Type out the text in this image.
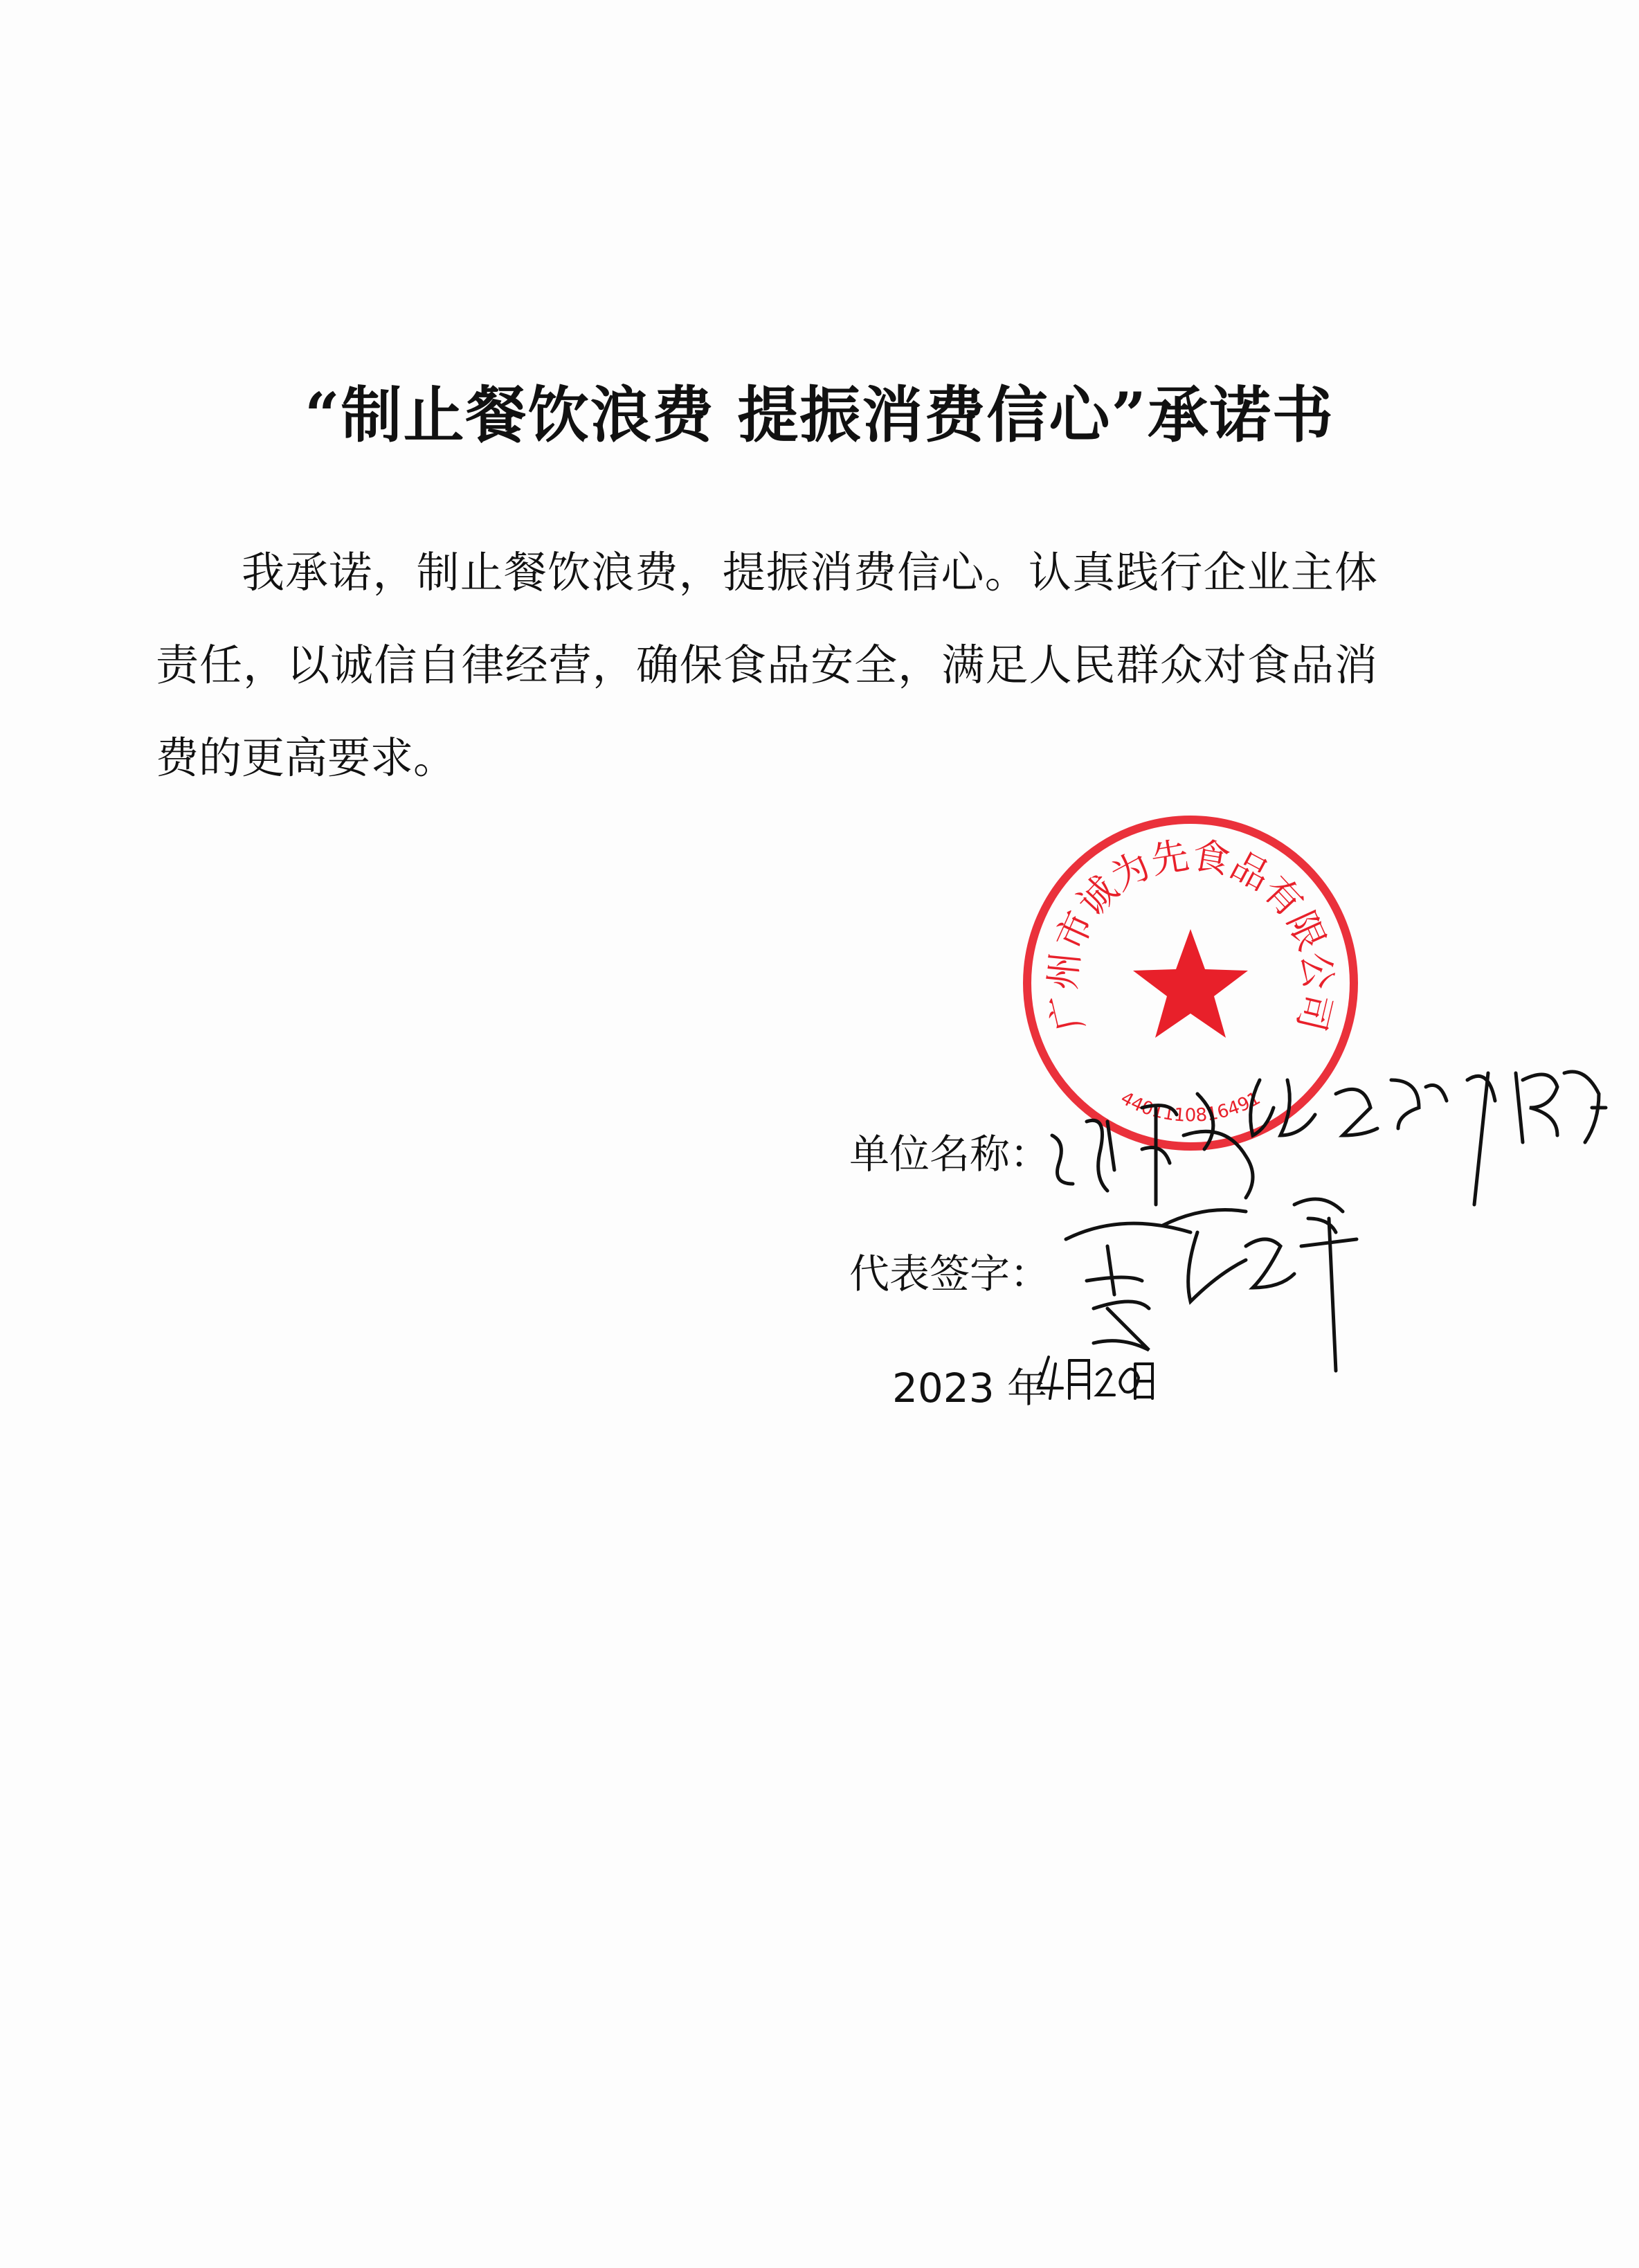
“制止餐饮浪费 提振消费信心”承诺书

我承诺，制止餐饮浪费，提振消费信心。认真践行企业主体责任，以诚信自律经营，确保食品安全，满足人民群众对食品消费的更高要求。

单位名称：
代表签字：
2023 年
广州市诚为先食品有限公司
4401110816491
